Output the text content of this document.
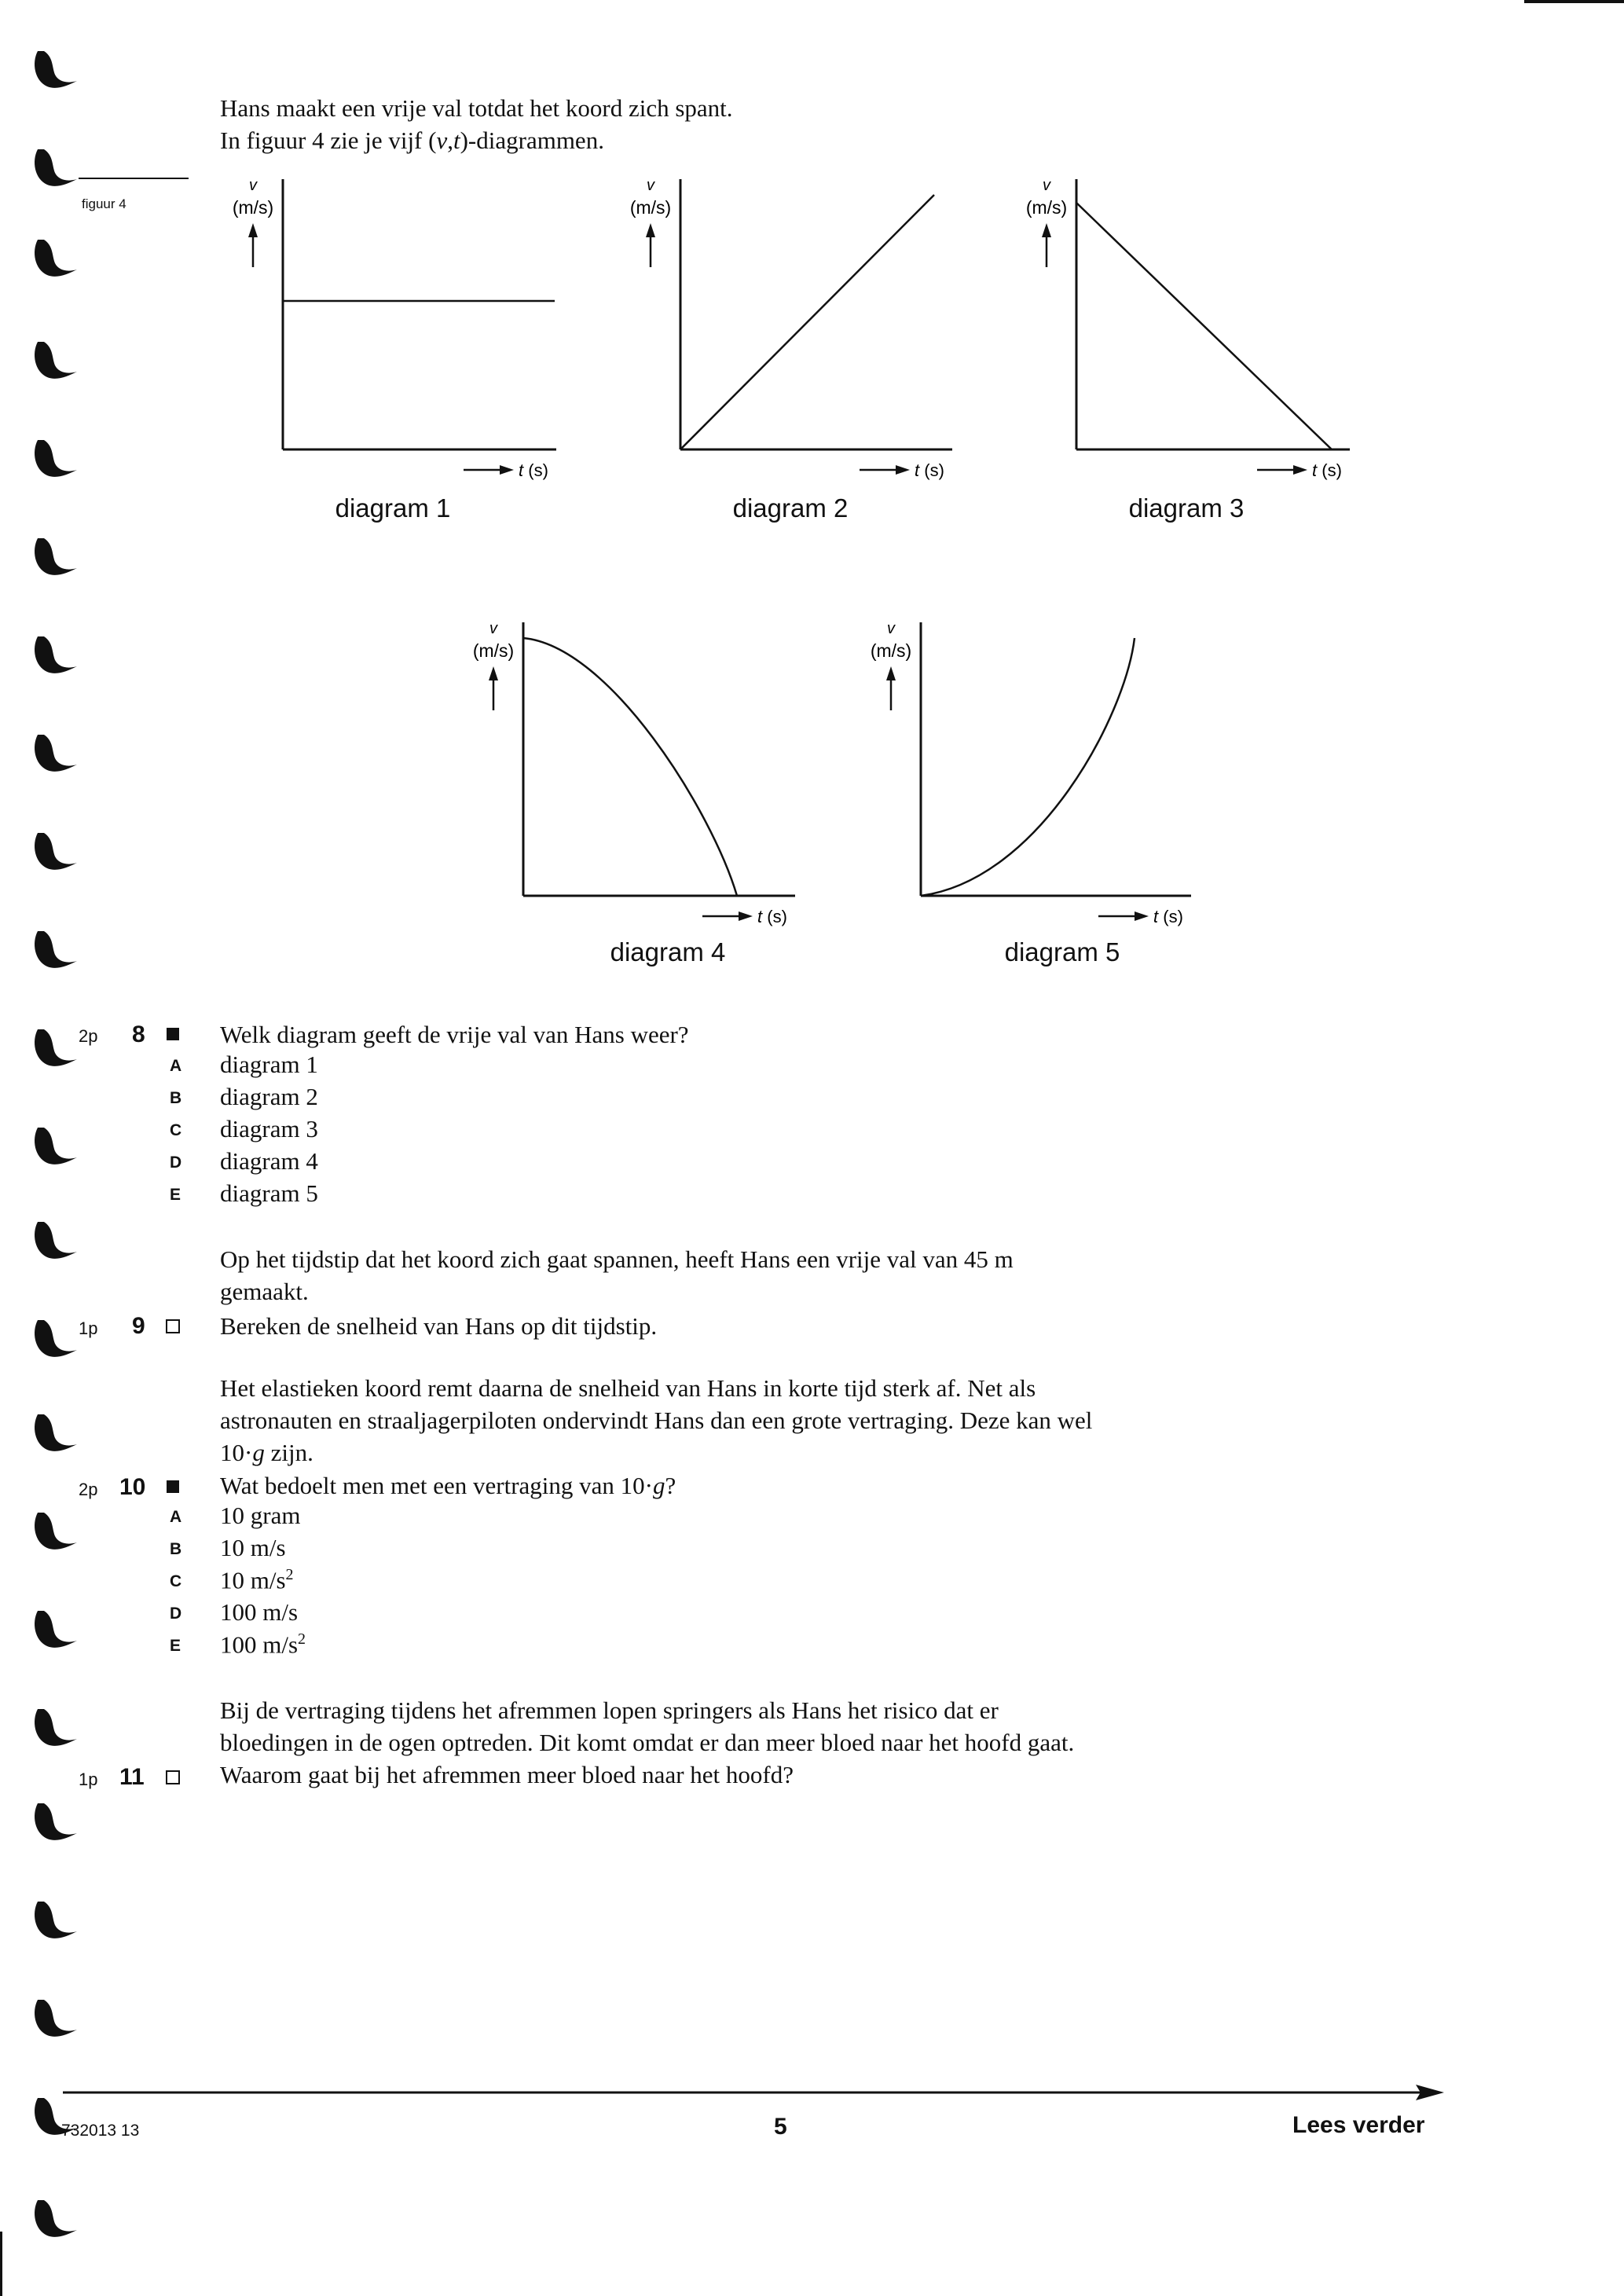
Hans maakt een vrije val totdat het koord zich spant.
In figuur 4 zie je vijf (v,t)-diagrammen.
figuur 4
v
(m/s)
t (s)
v
(m/s)
t (s)
v
(m/s)
t (s)
v
(m/s)
t (s)
v
(m/s)
t (s)
diagram 1	diagram 2	diagram 3
diagram 4	diagram 5
2p 8	Welk diagram geeft de vrije val van Hans weer?
A	diagram 1
B	diagram 2
C	diagram 3
D	diagram 4
E	diagram 5
Op het tijdstip dat het koord zich gaat spannen, heeft Hans een vrije val van 45 m
gemaakt.
1p 9	Bereken de snelheid van Hans op dit tijdstip.
Het elastieken koord remt daarna de snelheid van Hans in korte tijd sterk af. Net als
astronauten en straaljagerpiloten ondervindt Hans dan een grote vertraging. Deze kan wel
10·g zijn.
2p 10	Wat bedoelt men met een vertraging van 10·g?
A	10 gram
B	10 m/s
C	10 $m/s^2$
D	100 m/s
E	100 $m/s^2$
Bij de vertraging tijdens het afremmen lopen springers als Hans het risico dat er
bloedingen in de ogen optreden. Dit komt omdat er dan meer bloed naar het hoofd gaat.
1p 11	Waarom gaat bij het afremmen meer bloed naar het hoofd?
732013 13	5	Lees verder
